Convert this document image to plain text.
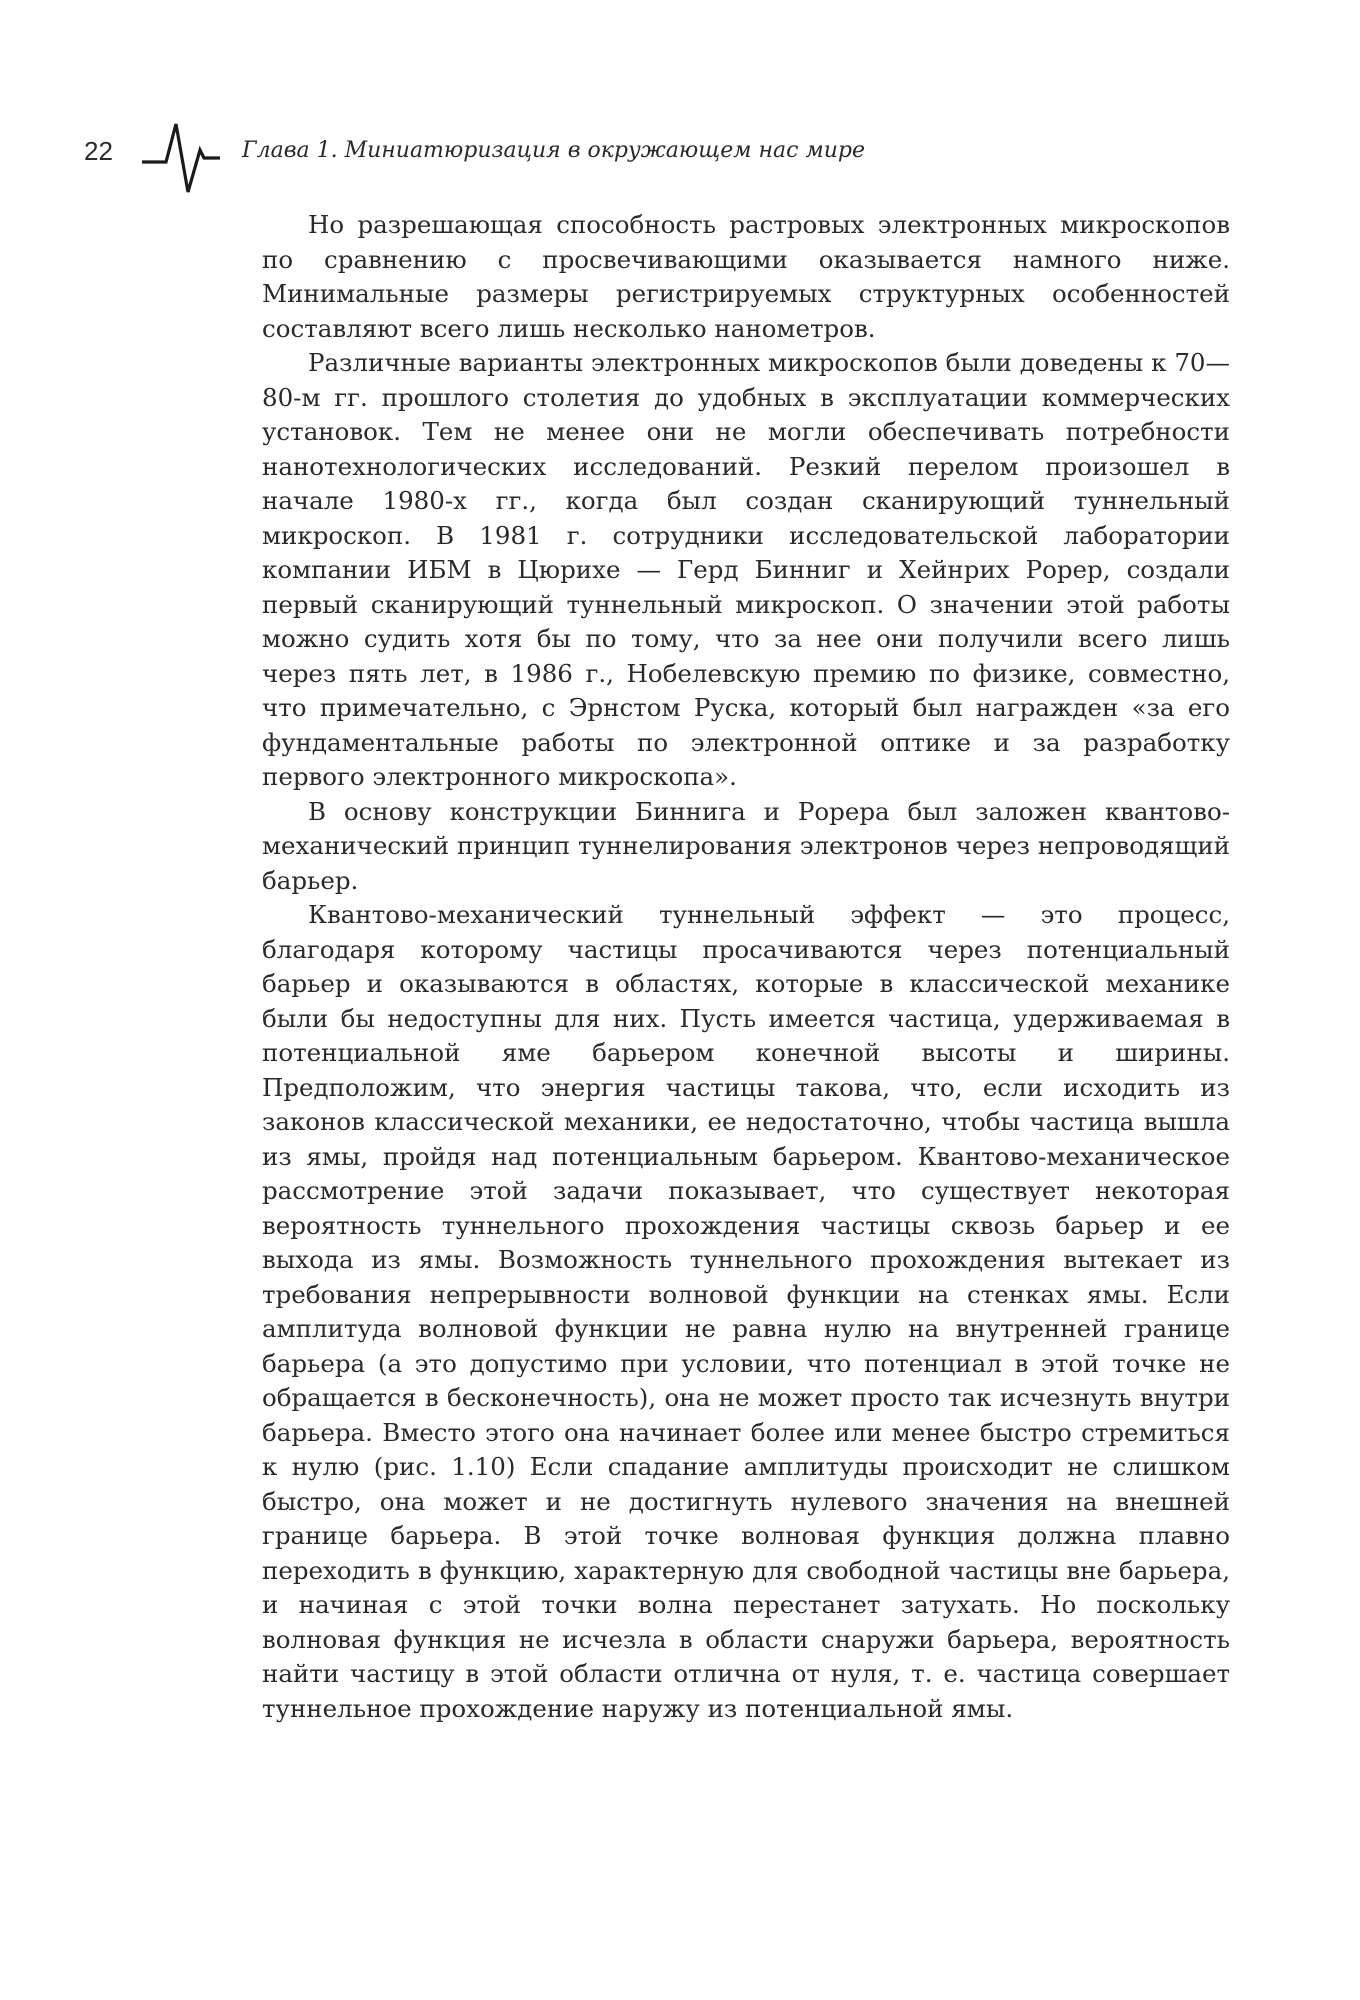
22	Глава 1. Миниатюризация в окружающем нас мире

Но разрешающая способность растровых электронных микроскопов по сравнению с просвечивающими оказывается намного ниже. Минимальные размеры регистрируемых структурных особенностей составляют всего лишь несколько нанометров.

Различные варианты электронных микроскопов были доведены к 70—80-м гг. прошлого столетия до удобных в эксплуатации коммерческих установок. Тем не менее они не могли обеспечивать потребности нанотехнологических исследований. Резкий перелом произошел в начале 1980-х гг., когда был создан сканирующий туннельный микроскоп. В 1981 г. сотрудники исследовательской лаборатории компании ИБМ в Цюрихе — Герд Бинниг и Хейнрих Рорер, создали первый сканирующий туннельный микроскоп. О значении этой работы можно судить хотя бы по тому, что за нее они получили всего лишь через пять лет, в 1986 г., Нобелевскую премию по физике, совместно, что примечательно, с Эрнстом Руска, который был награжден «за его фундаментальные работы по электронной оптике и за разработку первого электронного микроскопа».

В основу конструкции Биннига и Рорера был заложен квантово-механический принцип туннелирования электронов через непроводящий барьер.

Квантово-механический туннельный эффект — это процесс, благодаря которому частицы просачиваются через потенциальный барьер и оказываются в областях, которые в классической механике были бы недоступны для них. Пусть имеется частица, удерживаемая в потенциальной яме барьером конечной высоты и ширины. Предположим, что энергия частицы такова, что, если исходить из законов классической механики, ее недостаточно, чтобы частица вышла из ямы, пройдя над потенциальным барьером. Квантово-механическое рассмотрение этой задачи показывает, что существует некоторая вероятность туннельного прохождения частицы сквозь барьер и ее выхода из ямы. Возможность туннельного прохождения вытекает из требования непрерывности волновой функции на стенках ямы. Если амплитуда волновой функции не равна нулю на внутренней границе барьера (а это допустимо при условии, что потенциал в этой точке не обращается в бесконечность), она не может просто так исчезнуть внутри барьера. Вместо этого она начинает более или менее быстро стремиться к нулю (рис. 1.10) Если спадание амплитуды происходит не слишком быстро, она может и не достигнуть нулевого значения на внешней границе барьера. В этой точке волновая функция должна плавно переходить в функцию, характерную для свободной частицы вне барьера, и начиная с этой точки волна перестанет затухать. Но поскольку волновая функция не исчезла в области снаружи барьера, вероятность найти частицу в этой области отлична от нуля, т. е. частица совершает туннельное прохождение наружу из потенциальной ямы.
